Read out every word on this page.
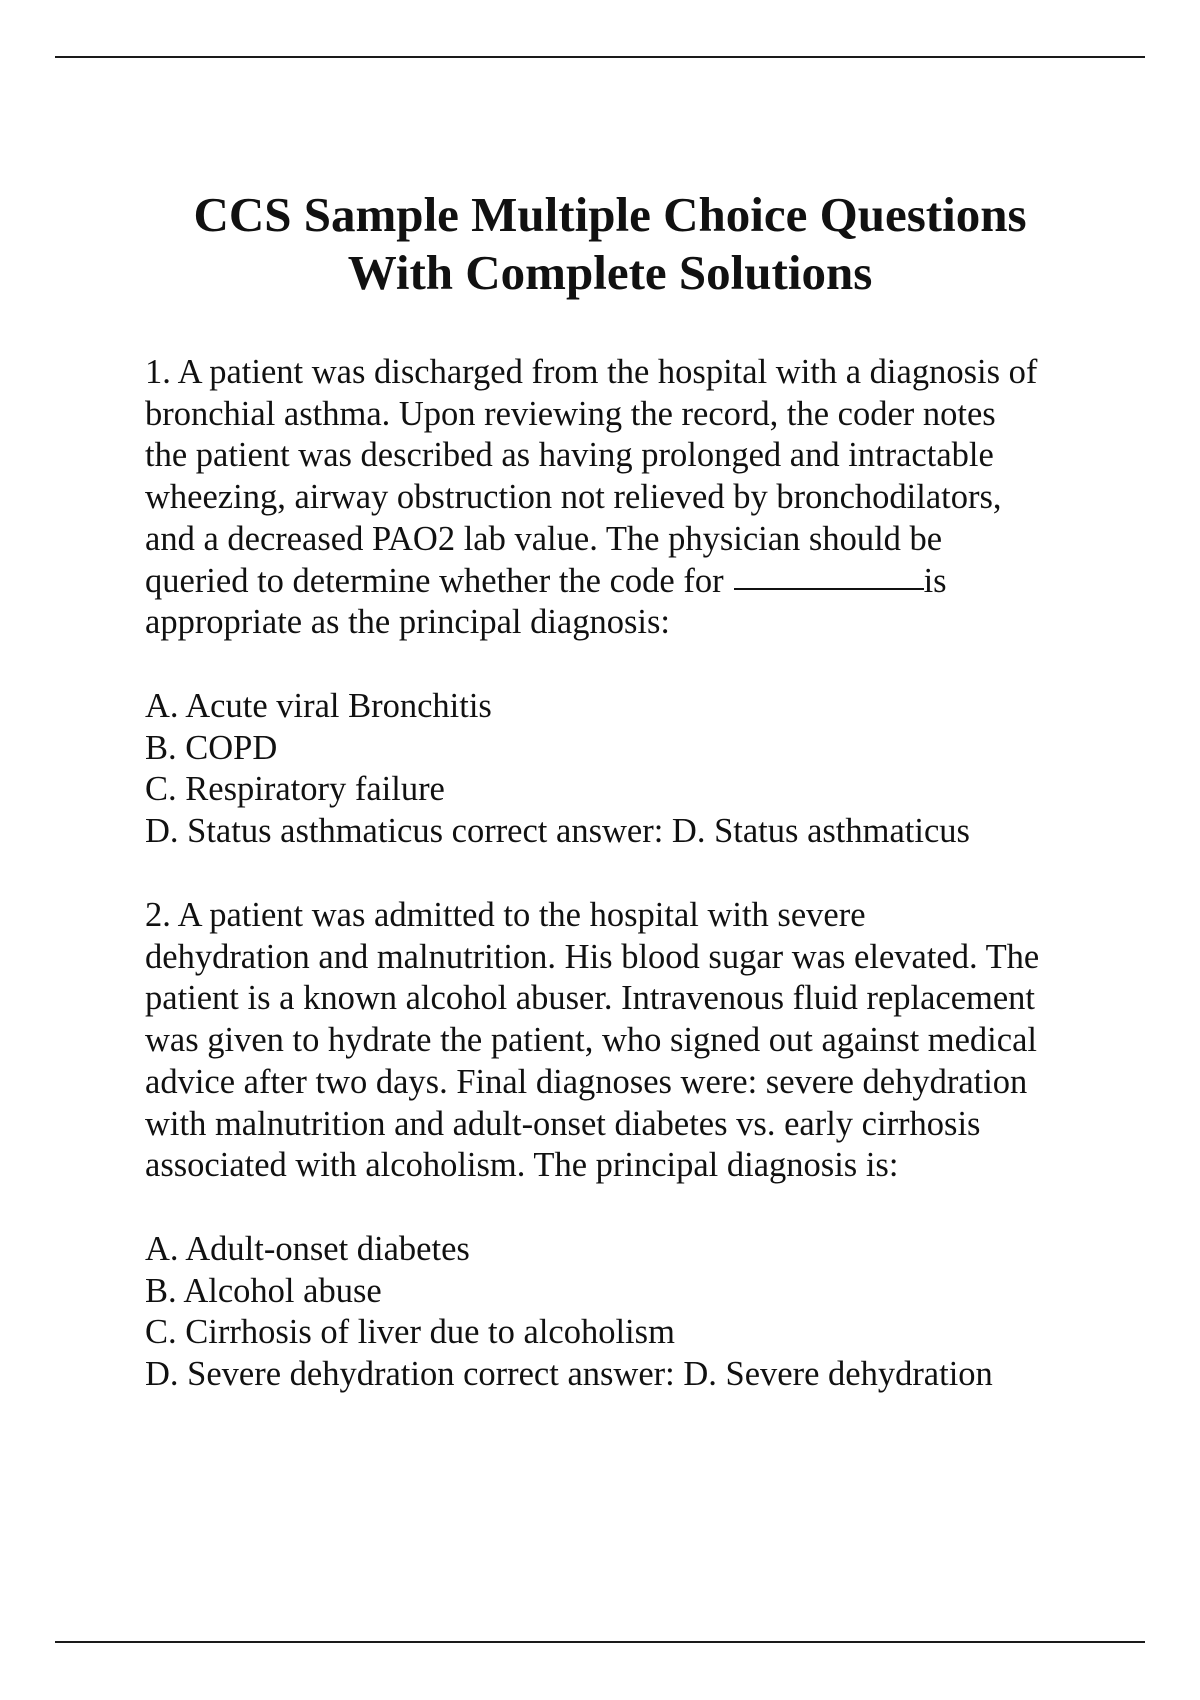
CCS Sample Multiple Choice Questions
With Complete Solutions

1. A patient was discharged from the hospital with a diagnosis of
bronchial asthma. Upon reviewing the record, the coder notes
the patient was described as having prolonged and intractable
wheezing, airway obstruction not relieved by bronchodilators,
and a decreased PAO2 lab value. The physician should be
queried to determine whether the code for	is
appropriate as the principal diagnosis:

A. Acute viral Bronchitis
B. COPD
C. Respiratory failure
D. Status asthmaticus correct answer: D. Status asthmaticus

2. A patient was admitted to the hospital with severe
dehydration and malnutrition. His blood sugar was elevated. The
patient is a known alcohol abuser. Intravenous fluid replacement
was given to hydrate the patient, who signed out against medical
advice after two days. Final diagnoses were: severe dehydration
with malnutrition and adult-onset diabetes vs. early cirrhosis
associated with alcoholism. The principal diagnosis is:

A. Adult-onset diabetes
B. Alcohol abuse
C. Cirrhosis of liver due to alcoholism
D. Severe dehydration correct answer: D. Severe dehydration
